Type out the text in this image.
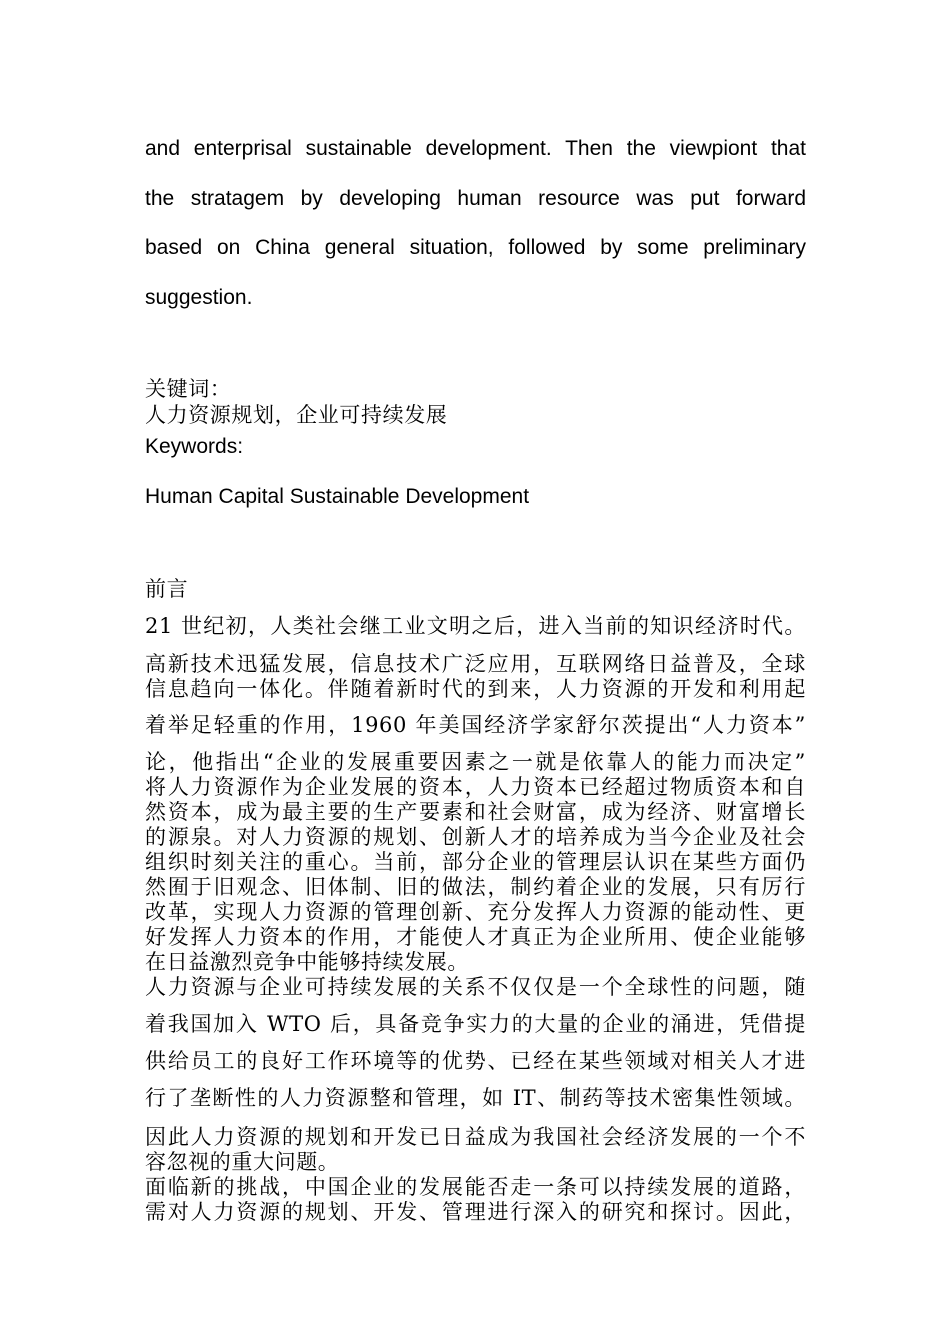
and enterprisal sustainable development. Then the viewpiont that

the stratagem by developing human resource was put forward

based on China general situation, followed by some preliminary

suggestion.

关键词：

人力资源规划，企业可持续发展

Keywords:

Human Capital Sustainable Development

前言

21 世纪初，人类社会继工业文明之后，进入当前的知识经济时代。

高新技术迅猛发展，信息技术广泛应用，互联网络日益普及，全球

信息趋向一体化。伴随着新时代的到来，人力资源的开发和利用起

着举足轻重的作用，1960 年美国经济学家舒尔茨提出“人力资本”

论，他指出“企业的发展重要因素之一就是依靠人的能力而决定”

将人力资源作为企业发展的资本，人力资本已经超过物质资本和自

然资本，成为最主要的生产要素和社会财富，成为经济、财富增长

的源泉。对人力资源的规划、创新人才的培养成为当今企业及社会

组织时刻关注的重心。当前，部分企业的管理层认识在某些方面仍

然囿于旧观念、旧体制、旧的做法，制约着企业的发展，只有厉行

改革，实现人力资源的管理创新、充分发挥人力资源的能动性、更

好发挥人力资本的作用，才能使人才真正为企业所用、使企业能够

在日益激烈竞争中能够持续发展。

人力资源与企业可持续发展的关系不仅仅是一个全球性的问题，随

着我国加入 WTO 后，具备竞争实力的大量的企业的涌进，凭借提

供给员工的良好工作环境等的优势、已经在某些领域对相关人才进

行了垄断性的人力资源整和管理，如 IT、制药等技术密集性领域。

因此人力资源的规划和开发已日益成为我国社会经济发展的一个不

容忽视的重大问题。

面临新的挑战，中国企业的发展能否走一条可以持续发展的道路，

需对人力资源的规划、开发、管理进行深入的研究和探讨。因此，
